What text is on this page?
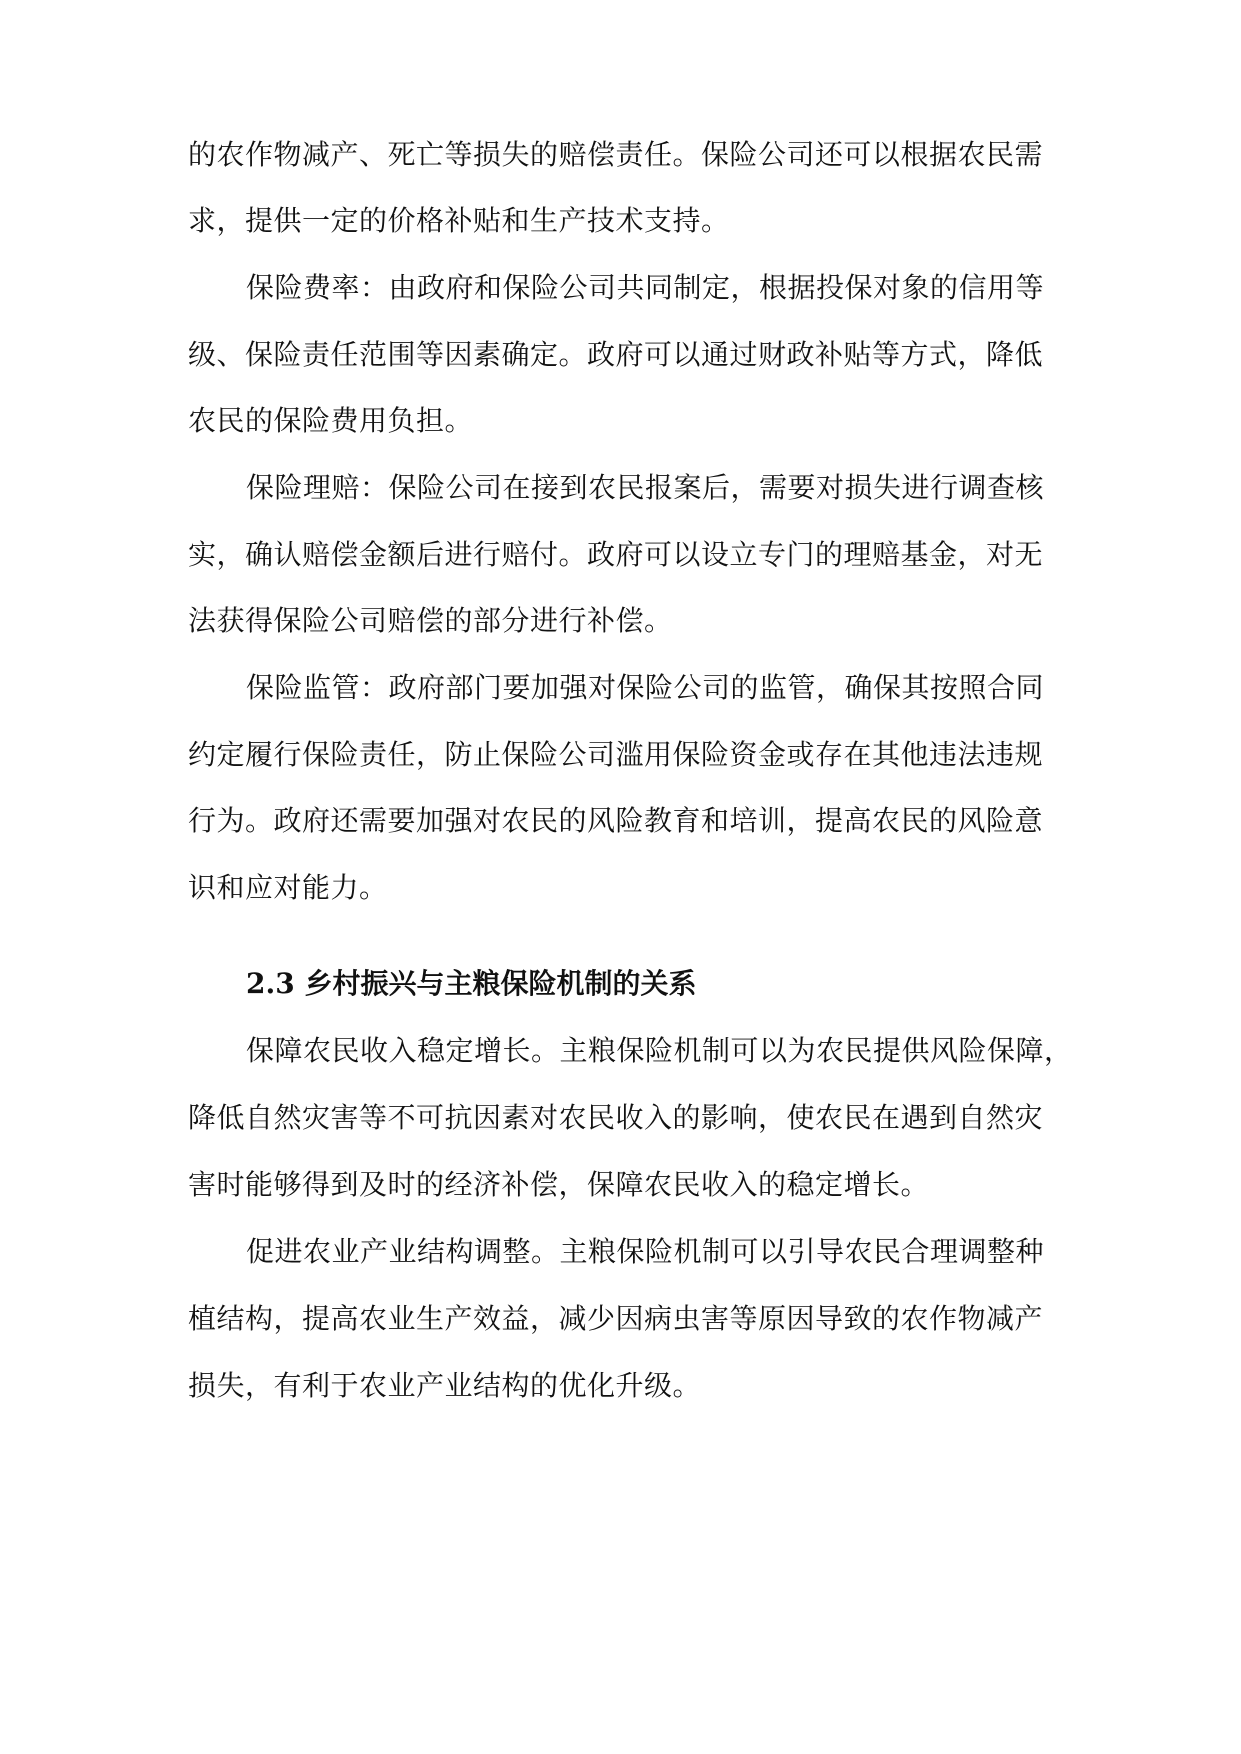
的农作物减产、死亡等损失的赔偿责任。保险公司还可以根据农民需
求，提供一定的价格补贴和生产技术支持。
保险费率：由政府和保险公司共同制定，根据投保对象的信用等
级、保险责任范围等因素确定。政府可以通过财政补贴等方式，降低
农民的保险费用负担。
保险理赔：保险公司在接到农民报案后，需要对损失进行调查核
实，确认赔偿金额后进行赔付。政府可以设立专门的理赔基金，对无
法获得保险公司赔偿的部分进行补偿。
保险监管：政府部门要加强对保险公司的监管，确保其按照合同
约定履行保险责任，防止保险公司滥用保险资金或存在其他违法违规
行为。政府还需要加强对农民的风险教育和培训，提高农民的风险意
识和应对能力。
2.3 乡村振兴与主粮保险机制的关系
保障农民收入稳定增长。主粮保险机制可以为农民提供风险保障，
降低自然灾害等不可抗因素对农民收入的影响，使农民在遇到自然灾
害时能够得到及时的经济补偿，保障农民收入的稳定增长。
促进农业产业结构调整。主粮保险机制可以引导农民合理调整种
植结构，提高农业生产效益，减少因病虫害等原因导致的农作物减产
损失，有利于农业产业结构的优化升级。
